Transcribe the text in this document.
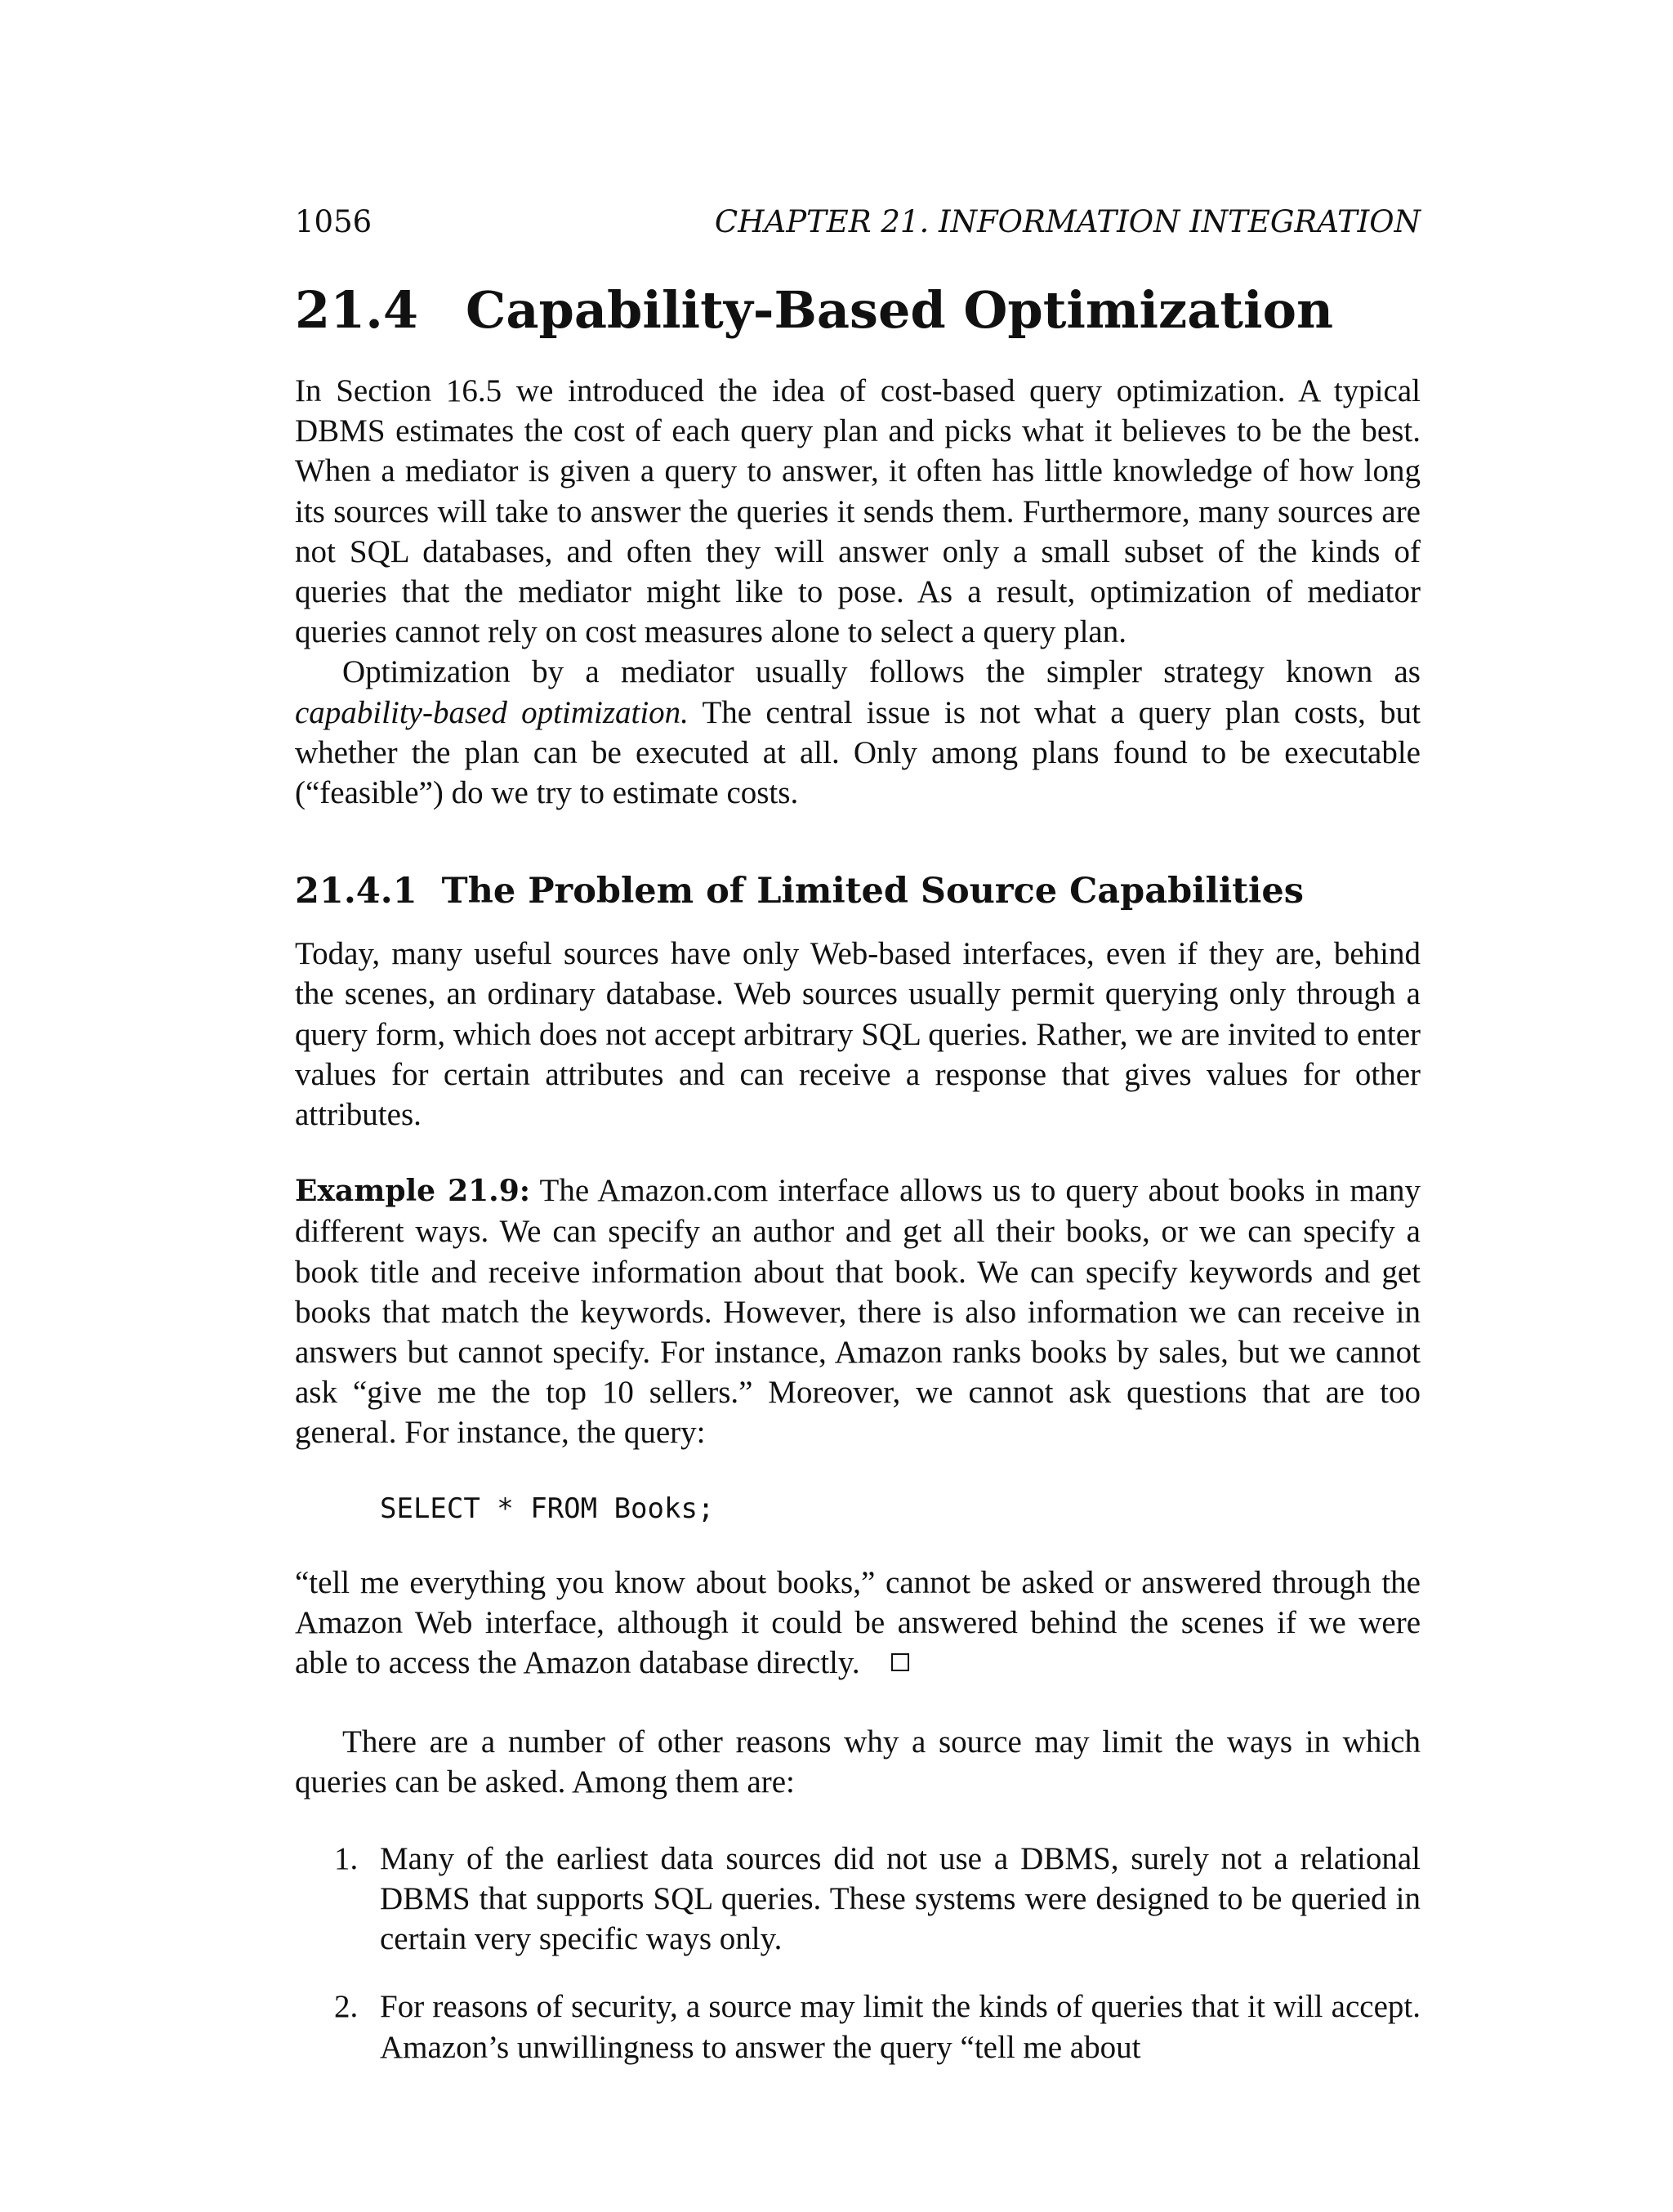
1056	CHAPTER 21. INFORMATION INTEGRATION
21.4 Capability-Based Optimization

In Section 16.5 we introduced the idea of cost-based query optimization. A typical DBMS estimates the cost of each query plan and picks what it believes to be the best. When a mediator is given a query to answer, it often has little knowledge of how long its sources will take to answer the queries it sends them. Furthermore, many sources are not SQL databases, and often they will answer only a small subset of the kinds of queries that the mediator might like to pose. As a result, optimization of mediator queries cannot rely on cost measures alone to select a query plan.

Optimization by a mediator usually follows the simpler strategy known as capability-based optimization. The central issue is not what a query plan costs, but whether the plan can be executed at all. Only among plans found to be executable (“feasible”) do we try to estimate costs.

21.4.1 The Problem of Limited Source Capabilities

Today, many useful sources have only Web-based interfaces, even if they are, behind the scenes, an ordinary database. Web sources usually permit querying only through a query form, which does not accept arbitrary SQL queries. Rather, we are invited to enter values for certain attributes and can receive a response that gives values for other attributes.

Example 21.9: The Amazon.com interface allows us to query about books in many different ways. We can specify an author and get all their books, or we can specify a book title and receive information about that book. We can specify keywords and get books that match the keywords. However, there is also information we can receive in answers but cannot specify. For instance, Amazon ranks books by sales, but we cannot ask “give me the top 10 sellers.” Moreover, we cannot ask questions that are too general. For instance, the query:

SELECT * FROM Books;

“tell me everything you know about books,” cannot be asked or answered through the Amazon Web interface, although it could be answered behind the scenes if we were able to access the Amazon database directly.

There are a number of other reasons why a source may limit the ways in which queries can be asked. Among them are:

1. Many of the earliest data sources did not use a DBMS, surely not a relational DBMS that supports SQL queries. These systems were designed to be queried in certain very specific ways only.

2. For reasons of security, a source may limit the kinds of queries that it will accept. Amazon’s unwillingness to answer the query “tell me about
